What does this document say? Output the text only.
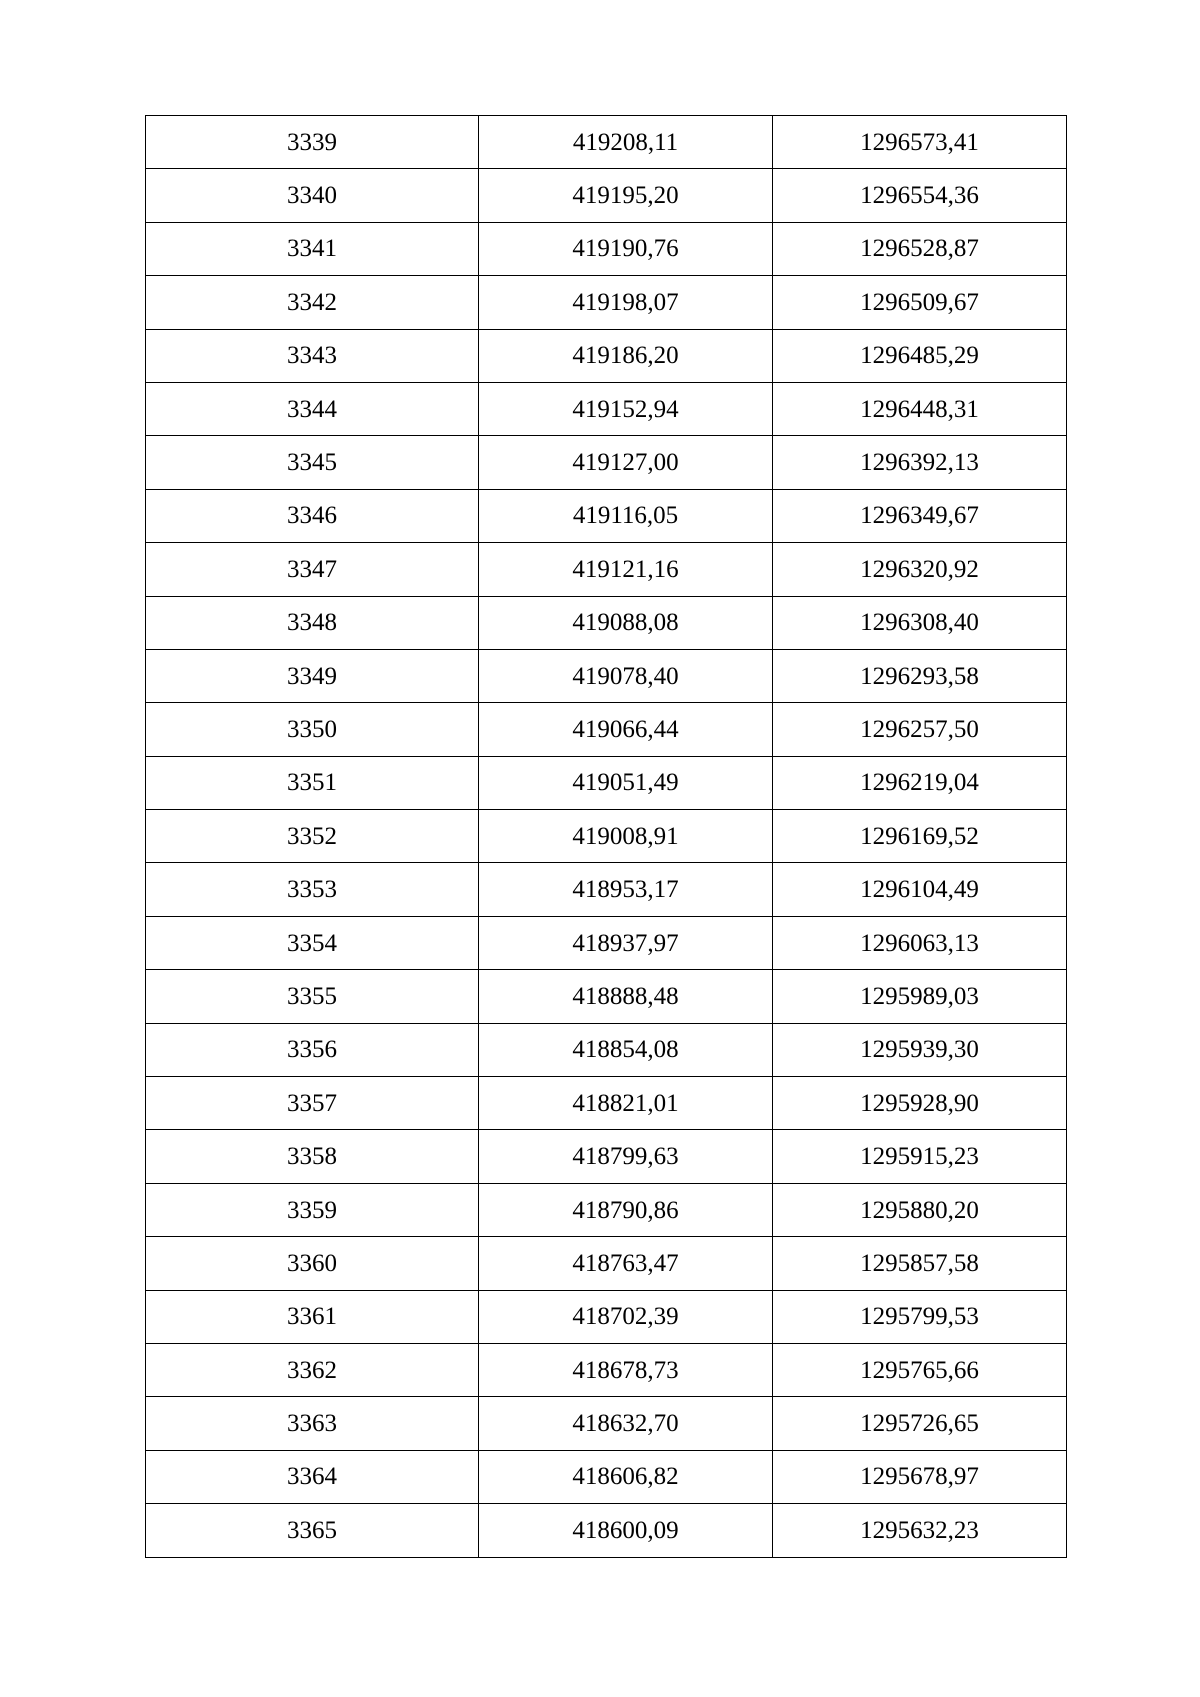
3339	419208,11	1296573,41
3340	419195,20	1296554,36
3341	419190,76	1296528,87
3342	419198,07	1296509,67
3343	419186,20	1296485,29
3344	419152,94	1296448,31
3345	419127,00	1296392,13
3346	419116,05	1296349,67
3347	419121,16	1296320,92
3348	419088,08	1296308,40
3349	419078,40	1296293,58
3350	419066,44	1296257,50
3351	419051,49	1296219,04
3352	419008,91	1296169,52
3353	418953,17	1296104,49
3354	418937,97	1296063,13
3355	418888,48	1295989,03
3356	418854,08	1295939,30
3357	418821,01	1295928,90
3358	418799,63	1295915,23
3359	418790,86	1295880,20
3360	418763,47	1295857,58
3361	418702,39	1295799,53
3362	418678,73	1295765,66
3363	418632,70	1295726,65
3364	418606,82	1295678,97
3365	418600,09	1295632,23
